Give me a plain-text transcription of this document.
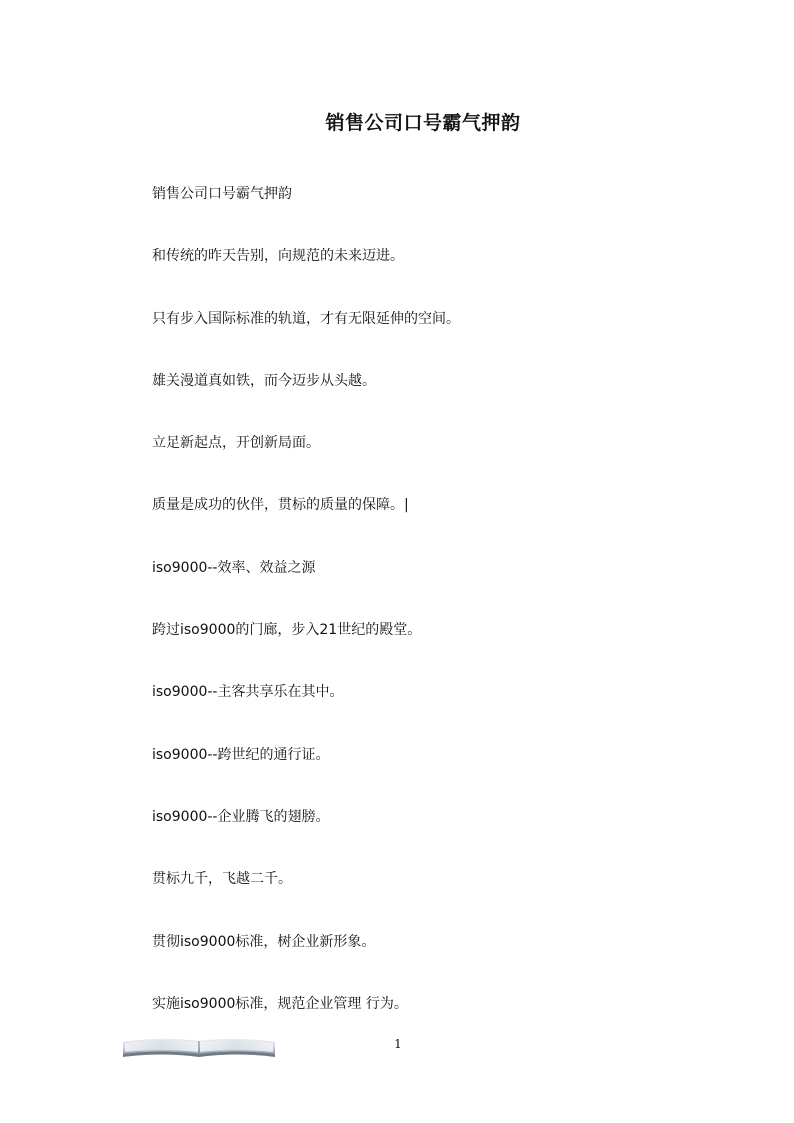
销售公司口号霸气押韵
销售公司口号霸气押韵
和传统的昨天告别，向规范的未来迈进。
只有步入国际标准的轨道，才有无限延伸的空间。
雄关漫道真如铁，而今迈步从头越。
立足新起点，开创新局面。
质量是成功的伙伴，贯标的质量的保障。|
iso9000--效率、效益之源
跨过iso9000的门廊，步入21世纪的殿堂。
iso9000--主客共享乐在其中。
iso9000--跨世纪的通行证。
iso9000--企业腾飞的翅膀。
贯标九千，飞越二千。
贯彻iso9000标准，树企业新形象。
实施iso9000标准，规范企业管理 行为。
1
